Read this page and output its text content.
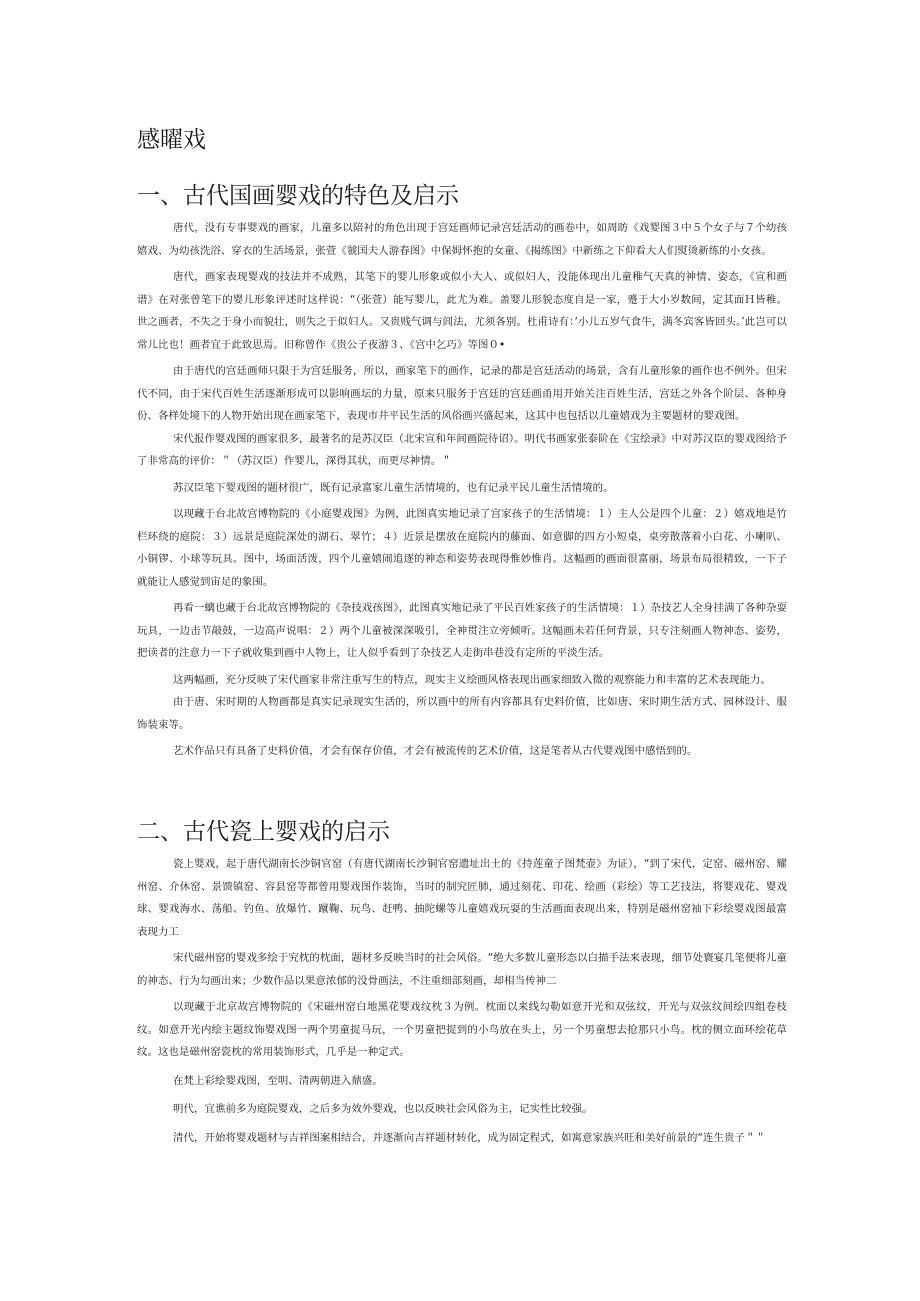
感曜戏
一、古代国画婴戏的特色及启示

唐代，没有专事婴戏的画家，儿童多以陪衬的角色出现于宫廷画师记录宫廷活动的画卷中，如周昉《戏婴图３中５个女子与７个幼孩嬉戏、为幼孩洗浴、穿衣的生活场景，张萱《虢国夫人游春图》中保姆怀抱的女童、《揭练图》中新练之下仰看大人们熨烫新练的小女孩。

唐代，画家表现婴戏的技法并不成熟，其笔下的婴儿形象或似小大人、或似妇人，没能体现出儿童稚气天真的神情、姿态，《宣和画谱》在对张曾笔下的婴儿形象评述时这样说：“（张萱）能写婴儿，此尤为难。盖婴儿形貌态度自是一家，蹙于大小岁数间，定其面Ｈ皆稚。世之画者，不失之于身小而貌壮，则失之于似妇人。又贵贱气调与闾法，尤须各别。杜甫诗有：’小儿五岁气食牛，满冬宾客皆回头。’此岂可以常儿比也！画者宜于此致思焉。旧称曾作《贵公子夜游３、《宫中乞巧》等图０•

由于唐代的宫廷画师只限于为宫廷服务，所以，画家笔下的画作，记录的都是宫廷活动的场景，含有儿童形象的画作也不例外。但宋代不同，由于宋代百姓生活逐渐形成可以影响画坛的力量，原来只服务于宫廷的宫廷画甬用开始关注百姓生活，宫廷之外各个阶层、各种身份、各样处境下的人物开始出现在画家笔下，表现市井平民生活的风俗画兴盛起来，这其中也包括以儿童嬉戏为主要题材的婴戏图。

宋代报作婴戏图的画家很多，最著名的是苏汉臣（北宋宣和年间画院待诏）。明代书画家张泰阶在《宝绘录》中对苏汉臣的婴戏图给予了非常高的评价：＂（苏汉臣）作婴儿，深得其状，而更尽神情。＂

苏汉臣笔下婴戏图的题材很广，既有记录富家儿童生活情境的，也有记录平民儿童生活情境的。

以现藏于台北故宫博物院的《小庭婴戏图》为例，此图真实地记录了宫家孩子的生活情境：１）主人公是四个儿童：２）嬉戏地是竹栏环绕的庭院：３）远景是庭院深处的湖石、翠竹；４）近景是摆放在庭院内的藤面、如意脚的四方小短桌，桌旁散落着小白花、小喇叭、小铜锣、小球等玩具。图中，场面活泼，四个儿童嬉闹追逐的神态和姿势表现得惟妙惟肖。这幅画的画面很富丽，场景布局很精致，一下子就能让人感觉到宙足的象围。

再看一螭也藏于台北故宫博物院的《杂技戏孩图》，此图真实地记录了平民百姓家孩子的生活情境：１）杂技艺人全身挂满了各种杂耍玩具，一边击节敲鼓，一边高声说唱：２）两个儿童被深深吸引，全神贯注立旁倾听。这幅画未若任何背景，只专注刻画人物神态、姿势，把读者的注意力一下子就收集到画中人物上，让人似乎看到了杂技艺人走街串巷没有定所的平淡生活。

这两幅画，充分反映了宋代画家非常注重写生的特点，现实主义绘画风格表现出画家细致入微的观察能力和丰富的艺术表现能力。

由于唐、宋时期的人物画都是真实记录现实生活的，所以画中的所有内容都具有史料价值，比如唐、宋时期生活方式、园林设计、服饰装束等。

艺术作品只有具备了史料价值，才会有保存价值，才会有被流传的艺术价值，这是笔者从古代婴戏图中感悟到的。

二、古代瓷上婴戏的启示

瓷上婴戏，起于唐代湖南长沙铜官窑（有唐代湖南长沙铜官窑遗址出土的《持莲童子图梵壶》为证），“到了宋代，定窑、磁州窑、耀州窑、介休窑、景馈镇窑、容县窑等都曾用婴戏图作装饰，当时的制究匠肺，通过刻花、印花、绘画（彩绘）等工艺技法，将婴戏花、婴戏球、婴戏海水、荡船、钓鱼、放爆竹、蹴鞠、玩鸟、赶鸭、抽陀螺等儿童嬉戏玩耍的生活画面表现出来，特别是磁州窑袖下彩绘婴戏图最富表现力工

宋代磁州窑的婴戏多绘于究枕的枕面，题材多反映当时的社会风俗。“绝大多数儿童形态以白描手法来表现，细节处寰宴几笔便将儿童的神态、行为勾画出来；少数作品以果意浓郁的没骨画法，不注重细部刻画，却相当传神二

以现藏于北京故宫博物院的《宋磁州窑白地黑花婴戏纹枕３为例。枕面以来线勾勒如意开光和双弦纹，开光与双弦纹间绘四组卷枝纹。如意开光内绘主题纹饰婴戏图一两个男童捉马玩，一个男童把捉到的小鸟放在头上，另一个男童想去抢那只小鸟。枕的侧立面环绘花草纹。这也是磁州窑瓷枕的常用装饰形式，几乎是一种定式。

在梵上彩绘婴戏图，至明、清两朝进入鼎盛。

明代，宜谯前多为庭院婴戏，之后多为效外婴戏，也以反映社会风俗为主，记实性比较强。

清代，开始将婴戏题材与吉祥图案相结合，并逐渐向吉祥题材转化，成为固定程式，如寓意家族兴旺和美好前景的“连生贵子＂＂
